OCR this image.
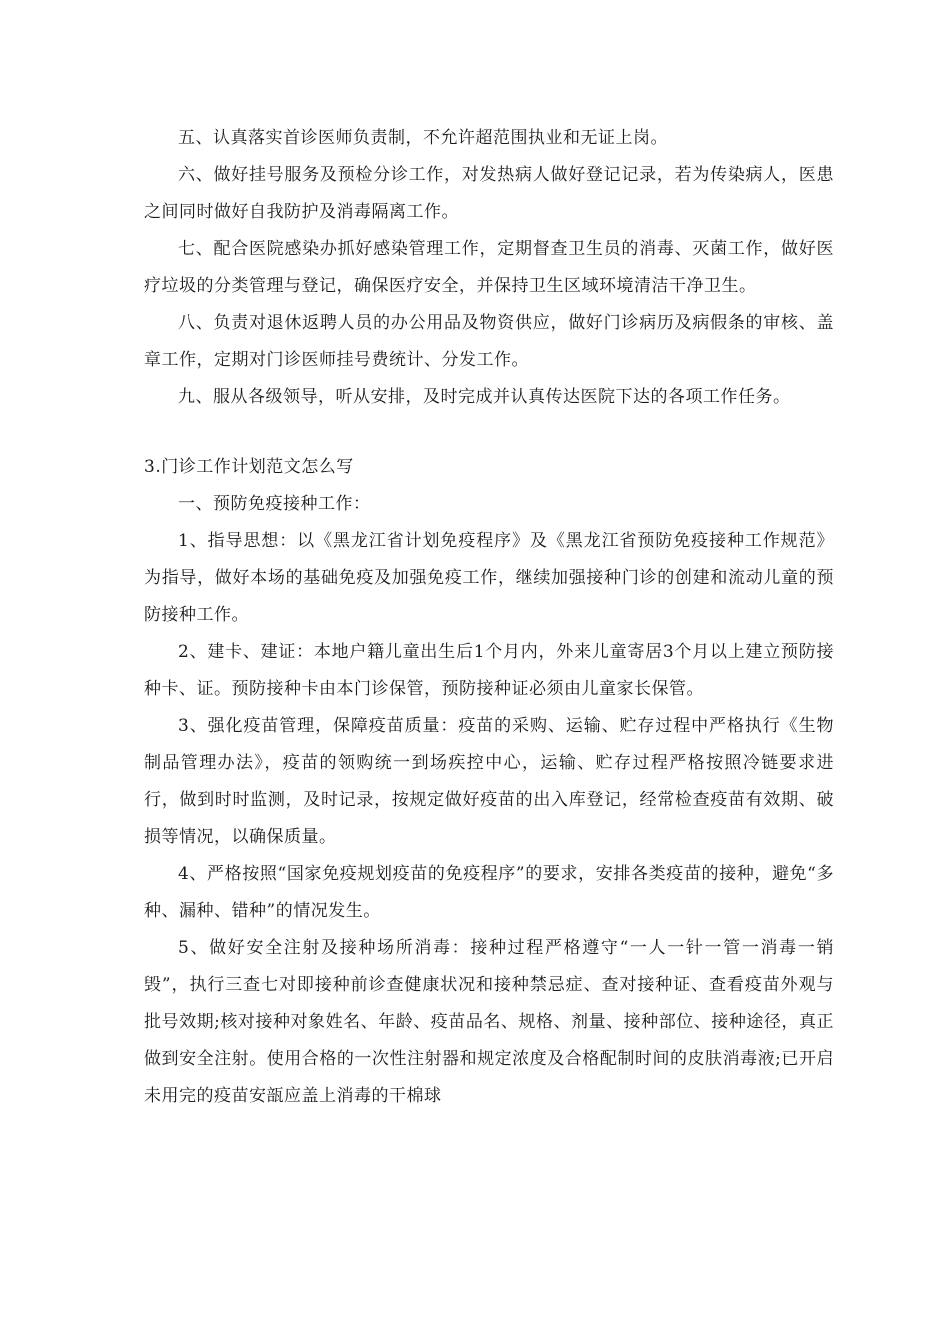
五、认真落实首诊医师负责制，不允许超范围执业和无证上岗。

六、做好挂号服务及预检分诊工作，对发热病人做好登记记录，若为传染病人，医患之间同时做好自我防护及消毒隔离工作。

七、配合医院感染办抓好感染管理工作，定期督查卫生员的消毒、灭菌工作，做好医疗垃圾的分类管理与登记，确保医疗安全，并保持卫生区域环境清洁干净卫生。

八、负责对退休返聘人员的办公用品及物资供应，做好门诊病历及病假条的审核、盖章工作，定期对门诊医师挂号费统计、分发工作。

九、服从各级领导，听从安排，及时完成并认真传达医院下达的各项工作任务。

3.门诊工作计划范文怎么写

一、预防免疫接种工作：

1、指导思想：以《黑龙江省计划免疫程序》及《黑龙江省预防免疫接种工作规范》为指导，做好本场的基础免疫及加强免疫工作，继续加强接种门诊的创建和流动儿童的预防接种工作。

2、建卡、建证：本地户籍儿童出生后1个月内，外来儿童寄居3个月以上建立预防接种卡、证。预防接种卡由本门诊保管，预防接种证必须由儿童家长保管。

3、强化疫苗管理，保障疫苗质量：疫苗的采购、运输、贮存过程中严格执行《生物制品管理办法》，疫苗的领购统一到场疾控中心，运输、贮存过程严格按照冷链要求进行，做到时时监测，及时记录，按规定做好疫苗的出入库登记，经常检查疫苗有效期、破损等情况，以确保质量。

4、严格按照“国家免疫规划疫苗的免疫程序”的要求，安排各类疫苗的接种，避免“多种、漏种、错种”的情况发生。

5、做好安全注射及接种场所消毒：接种过程严格遵守“一人一针一管一消毒一销毁”，执行三查七对即接种前诊查健康状况和接种禁忌症、查对接种证、查看疫苗外观与批号效期;核对接种对象姓名、年龄、疫苗品名、规格、剂量、接种部位、接种途径，真正做到安全注射。使用合格的一次性注射器和规定浓度及合格配制时间的皮肤消毒液;已开启未用完的疫苗安瓿应盖上消毒的干棉球
